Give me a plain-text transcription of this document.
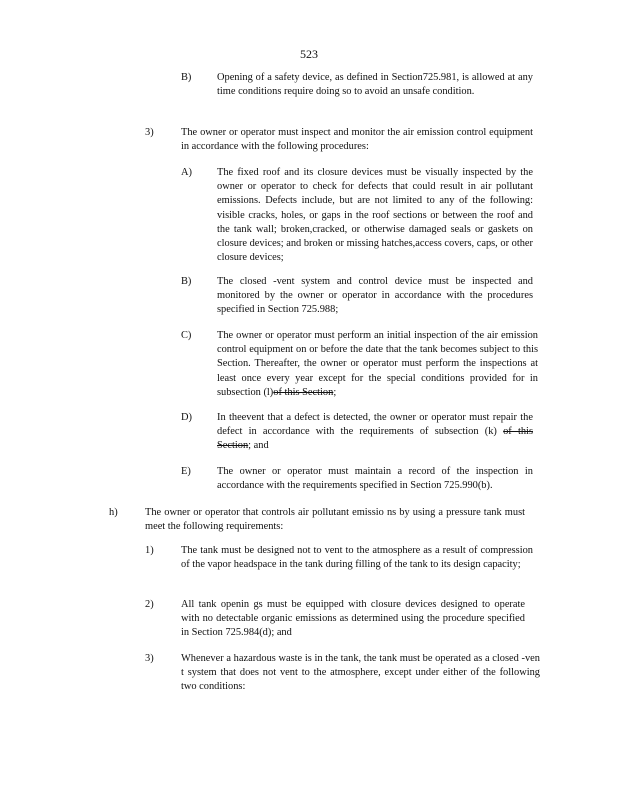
523
B) Opening of a safety device, as defined in Section725.981, is allowed at any time conditions require doing so to avoid an unsafe condition.
3)	The owner or operator must inspect and monitor the air emission control equipment in accordance with the following procedures:
A) The fixed roof and its closure devices must be visually inspected by the owner or operator to check for defects that could result in air pollutant emissions. Defects include, but are not limited to any of the following: visible cracks, holes, or gaps in the roof sections or between the roof and the tank wall; broken,cracked, or otherwise damaged seals or gaskets on closure devices; and broken or missing hatches,access covers, caps, or other closure devices;
B) The closed -vent system and control device must be inspected and monitored by the owner or operator in accordance with the procedures specified in Section 725.988;
C) The owner or operator must perform an initial inspection of the air emission control equipment on or before the date that the tank becomes subject to this Section. Thereafter, the owner or operator must perform the inspections at least once every year except for the special conditions provided for in subsection (l)of this Section;
D) In theevent that a defect is detected, the owner or operator must repair the defect in accordance with the requirements of subsection (k) of this Section; and
E)	The owner or operator must maintain a record of the inspection in accordance with the requirements specified in Section 725.990(b).
h)	The owner or operator that controls air pollutant emissio ns by using a pressure tank must meet the following requirements:
1)	The tank must be designed not to vent to the atmosphere as a result of compression of the vapor headspace in the tank during filling of the tank to its design capacity;
2)	All tank openin gs must be equipped with closure devices designed to operate with no detectable organic emissions as determined using the procedure specified in Section 725.984(d); and
3)	Whenever a hazardous waste is in the tank, the tank must be operated as a closed -ven t system that does not vent to the atmosphere, except under either of the following two conditions:
